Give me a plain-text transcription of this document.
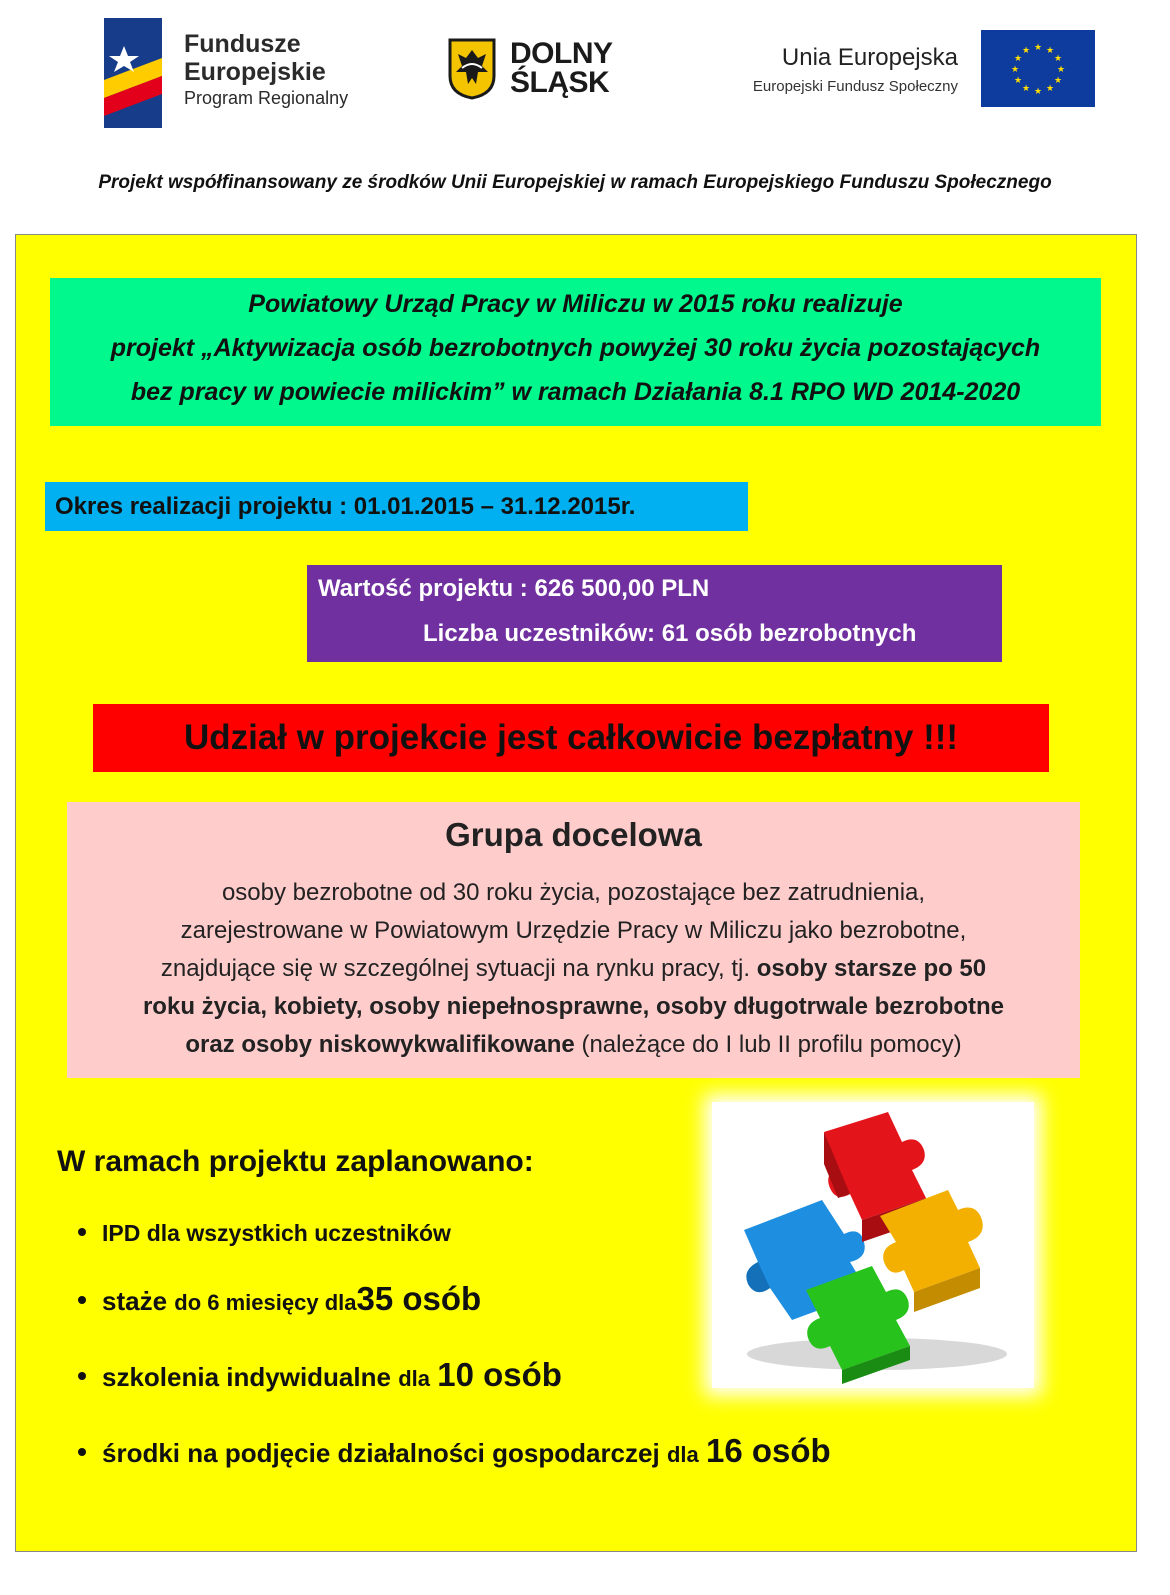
Fundusze
Europejskie
Program Regionalny
DOLNY
ŚLĄSK
Unia Europejska
Europejski Fundusz Społeczny
★ ★
★
★
★
★
★
★
★
★
★
★
Projekt współfinansowany ze środków Unii Europejskiej w ramach Europejskiego Funduszu Społecznego
Powiatowy Urząd Pracy w Miliczu w 2015 roku realizuje
projekt „Aktywizacja osób bezrobotnych powyżej 30 roku życia pozostających
bez pracy w powiecie milickim” w ramach Działania 8.1 RPO WD 2014-2020
Okres realizacji projektu : 01.01.2015 – 31.12.2015r.
Wartość projektu : 626 500,00 PLN
Liczba uczestników: 61 osób bezrobotnych
Udział w projekcie jest całkowicie bezpłatny !!!
Grupa docelowa
osoby bezrobotne od 30 roku życia, pozostające bez zatrudnienia,
zarejestrowane w Powiatowym Urzędzie Pracy w Miliczu jako bezrobotne,
znajdujące się w szczególnej sytuacji na rynku pracy, tj. osoby starsze po 50
roku życia, kobiety, osoby niepełnosprawne, osoby długotrwale bezrobotne
oraz osoby niskowykwalifikowane (należące do I lub II profilu pomocy)
W ramach projektu zaplanowano:
IPD dla wszystkich uczestników
staże do 6 miesięcy dla35 osób
szkolenia indywidualne dla 10 osób
środki na podjęcie działalności gospodarczej dla 16 osób
